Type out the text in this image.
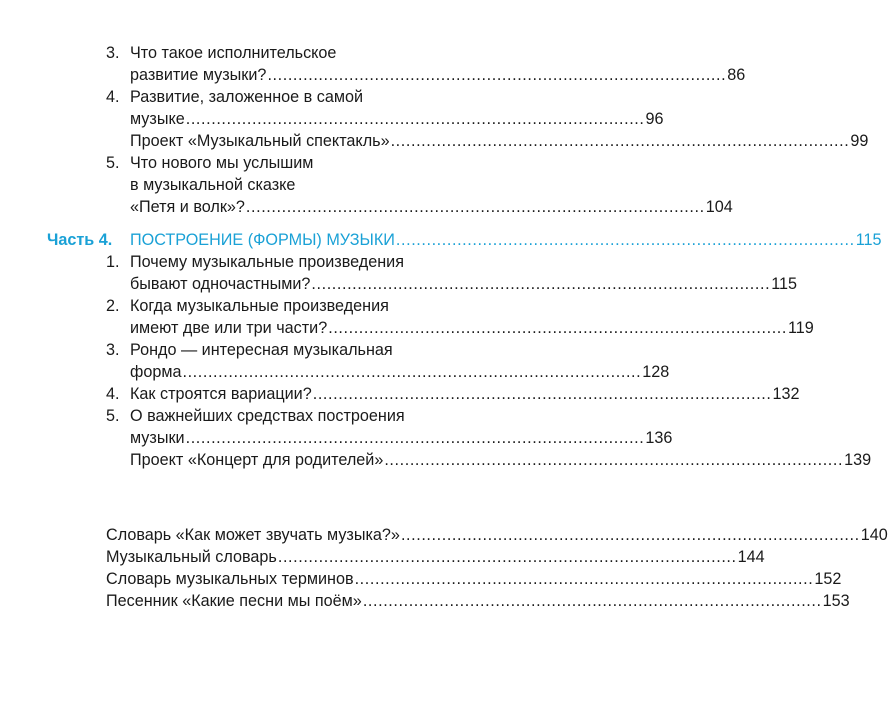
3. Что такое исполнительское
развитие музыки? .......................................................................................... 86
4. Развитие, заложенное в самой
музыке .......................................................................................... 96
Проект «Музыкальный спектакль» .......................................................................................... 99
5. Что нового мы услышим
в музыкальной сказке
«Петя и волк»? .......................................................................................... 104
Часть 4. ПОСТРОЕНИЕ (ФОРМЫ) МУЗЫКИ .......................................................................................... 115
1. Почему музыкальные произведения
бывают одночастными? .......................................................................................... 115
2. Когда музыкальные произведения
имеют две или три части? .......................................................................................... 119
3. Рондо — интересная музыкальная
форма .......................................................................................... 128
4. Как строятся вариации? .......................................................................................... 132
5. О важнейших средствах построения
музыки .......................................................................................... 136
Проект «Концерт для родителей» .......................................................................................... 139
Словарь «Как может звучать музыка?» .......................................................................................... 140
Музыкальный словарь .......................................................................................... 144
Словарь музыкальных терминов .......................................................................................... 152
Песенник «Какие песни мы поём» .......................................................................................... 153
